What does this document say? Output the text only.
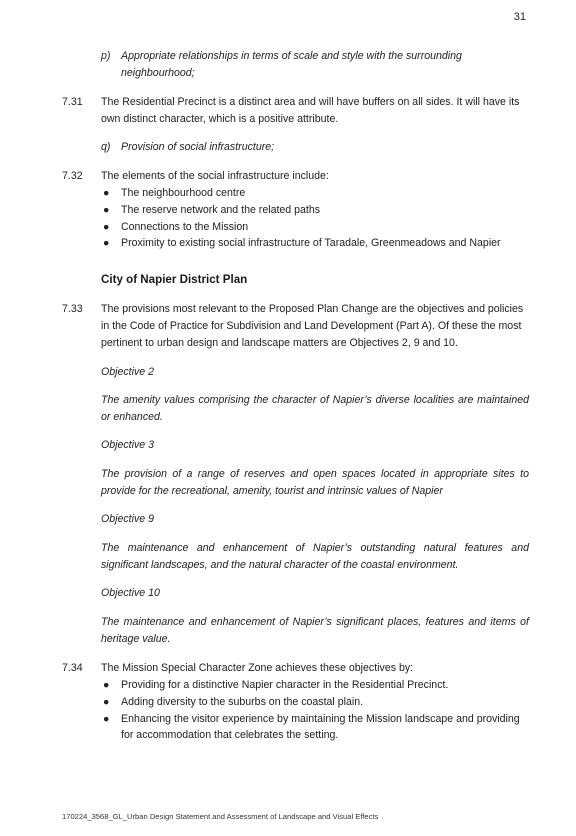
31
p) Appropriate relationships in terms of scale and style with the surrounding neighbourhood;
7.31 The Residential Precinct is a distinct area and will have buffers on all sides. It will have its own distinct character, which is a positive attribute.
q) Provision of social infrastructure;
7.32 The elements of the social infrastructure include:
● The neighbourhood centre
● The reserve network and the related paths
● Connections to the Mission
● Proximity to existing social infrastructure of Taradale, Greenmeadows and Napier
City of Napier District Plan
7.33 The provisions most relevant to the Proposed Plan Change are the objectives and policies in the Code of Practice for Subdivision and Land Development (Part A). Of these the most pertinent to urban design and landscape matters are Objectives 2, 9 and 10.
Objective 2
The amenity values comprising the character of Napier’s diverse localities are maintained or enhanced.
Objective 3
The provision of a range of reserves and open spaces located in appropriate sites to provide for the recreational, amenity, tourist and intrinsic values of Napier
Objective 9
The maintenance and enhancement of Napier’s outstanding natural features and significant landscapes, and the natural character of the coastal environment.
Objective 10
The maintenance and enhancement of Napier’s significant places, features and items of heritage value.
7.34 The Mission Special Character Zone achieves these objectives by:
● Providing for a distinctive Napier character in the Residential Precinct.
● Adding diversity to the suburbs on the coastal plain.
● Enhancing the visitor experience by maintaining the Mission landscape and providing for accommodation that celebrates the setting.
170224_3568_GL_Urban Design Statement and Assessment of Landscape and Visual Effects
